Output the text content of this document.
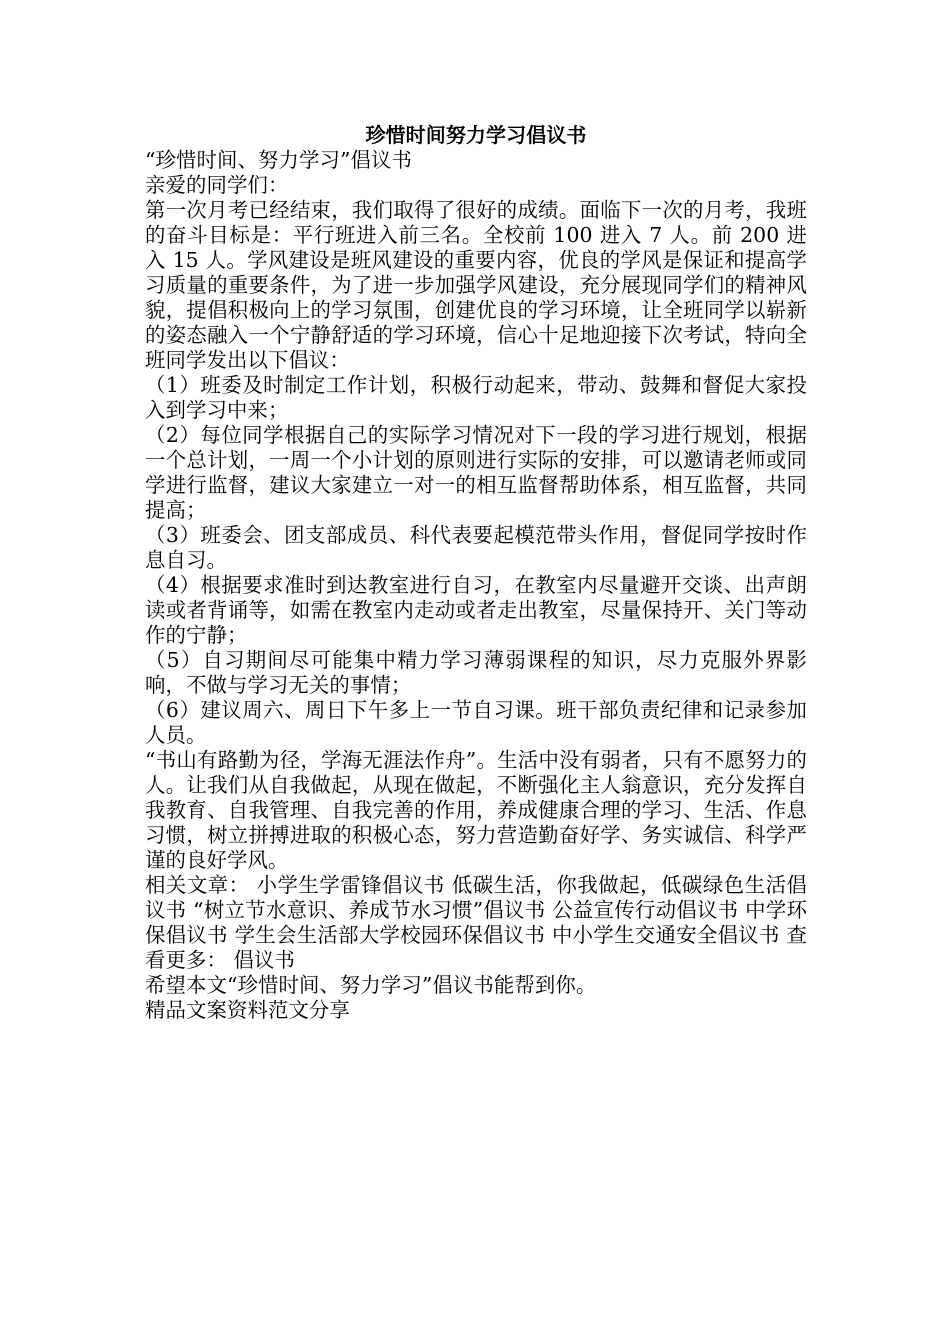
珍惜时间努力学习倡议书

“珍惜时间、努力学习”倡议书

亲爱的同学们：

第一次月考已经结束，我们取得了很好的成绩。面临下一次的月考，我班的奋斗目标是：平行班进入前三名。全校前 100 进入 7 人。前 200 进入 15 人。学风建设是班风建设的重要内容，优良的学风是保证和提高学习质量的重要条件，为了进一步加强学风建设，充分展现同学们的精神风貌，提倡积极向上的学习氛围，创建优良的学习环境，让全班同学以崭新的姿态融入一个宁静舒适的学习环境，信心十足地迎接下次考试，特向全班同学发出以下倡议：

（1）班委及时制定工作计划，积极行动起来，带动、鼓舞和督促大家投入到学习中来；

（2）每位同学根据自己的实际学习情况对下一段的学习进行规划，根据一个总计划，一周一个小计划的原则进行实际的安排，可以邀请老师或同学进行监督，建议大家建立一对一的相互监督帮助体系，相互监督，共同提高；

（3）班委会、团支部成员、科代表要起模范带头作用，督促同学按时作息自习。

（4）根据要求准时到达教室进行自习，在教室内尽量避开交谈、出声朗读或者背诵等，如需在教室内走动或者走出教室，尽量保持开、关门等动作的宁静；

（5）自习期间尽可能集中精力学习薄弱课程的知识，尽力克服外界影响，不做与学习无关的事情；

（6）建议周六、周日下午多上一节自习课。班干部负责纪律和记录参加人员。

“书山有路勤为径，学海无涯法作舟”。生活中没有弱者，只有不愿努力的人。让我们从自我做起，从现在做起，不断强化主人翁意识，充分发挥自我教育、自我管理、自我完善的作用，养成健康合理的学习、生活、作息习惯，树立拼搏进取的积极心态，努力营造勤奋好学、务实诚信、科学严谨的良好学风。

相关文章： 小学生学雷锋倡议书 低碳生活，你我做起，低碳绿色生活倡议书 “树立节水意识、养成节水习惯”倡议书 公益宣传行动倡议书 中学环保倡议书 学生会生活部大学校园环保倡议书 中小学生交通安全倡议书 查看更多： 倡议书

希望本文“珍惜时间、努力学习”倡议书能帮到你。

精品文案资料范文分享
